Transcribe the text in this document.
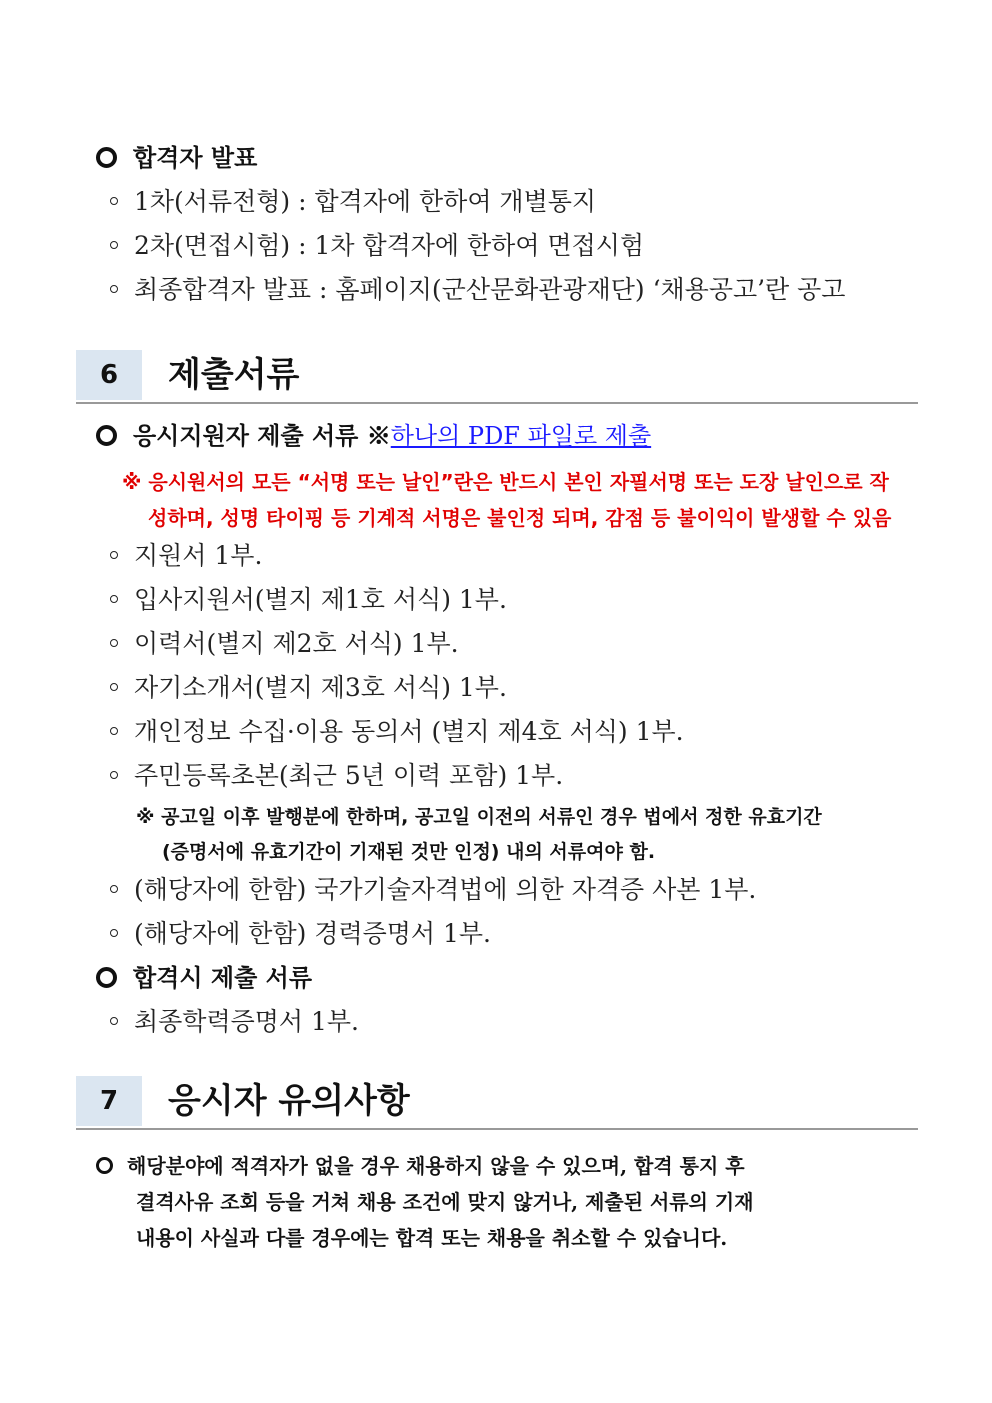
합격자 발표
1차(서류전형) : 합격자에 한하여 개별통지
2차(면접시험) : 1차 합격자에 한하여 면접시험
최종합격자 발표 : 홈페이지(군산문화관광재단) ‘채용공고’란 공고
6	제출서류
응시지원자 제출 서류 ※하나의 PDF 파일로 제출
※ 응시원서의 모든 “서명 또는 날인”란은 반드시 본인 자필서명 또는 도장 날인으로 작
성하며, 성명 타이핑 등 기계적 서명은 불인정 되며, 감점 등 불이익이 발생할 수 있음
지원서 1부.
입사지원서(별지 제1호 서식) 1부.
이력서(별지 제2호 서식) 1부.
자기소개서(별지 제3호 서식) 1부.
개인정보 수집·이용 동의서 (별지 제4호 서식) 1부.
주민등록초본(최근 5년 이력 포함) 1부.
※ 공고일 이후 발행분에 한하며, 공고일 이전의 서류인 경우 법에서 정한 유효기간
(증명서에 유효기간이 기재된 것만 인정) 내의 서류여야 함.
(해당자에 한함) 국가기술자격법에 의한 자격증 사본 1부.
(해당자에 한함) 경력증명서 1부.
합격시 제출 서류
최종학력증명서 1부.
7	응시자 유의사항
해당분야에 적격자가 없을 경우 채용하지 않을 수 있으며, 합격 통지 후
결격사유 조회 등을 거쳐 채용 조건에 맞지 않거나, 제출된 서류의 기재
내용이 사실과 다를 경우에는 합격 또는 채용을 취소할 수 있습니다.
